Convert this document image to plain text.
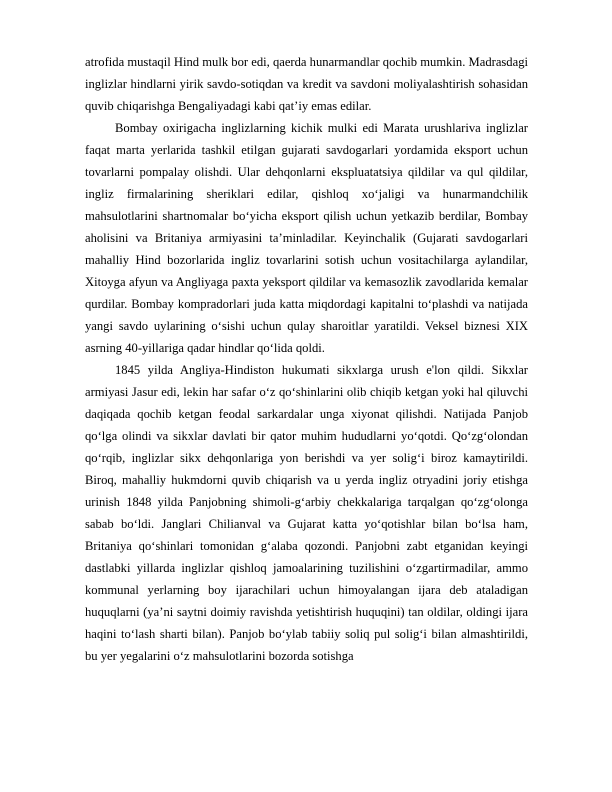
atrofida mustaqil Hind mulk bor edi, qaerda hunarmandlar qochib mumkin. Madrasdagi inglizlar hindlarni yirik savdo-sotiqdan va kredit va savdoni moliyalashtirish sohasidan quvib chiqarishga Bengaliyadagi kabi qat’iy emas edilar.

Bombay oxirigacha inglizlarning kichik mulki edi Marata urushlariva inglizlar faqat marta yerlarida tashkil etilgan gujarati savdogarlari yordamida eksport uchun tovarlarni pompalay olishdi. Ular dehqonlarni ekspluatatsiya qildilar va qul qildilar, ingliz firmalarining sheriklari edilar, qishloq xo‘jaligi va hunarmandchilik mahsulotlarini shartnomalar bo‘yicha eksport qilish uchun yetkazib berdilar, Bombay aholisini va Britaniya armiyasini ta’minladilar. Keyinchalik (Gujarati savdogarlari mahalliy Hind bozorlarida ingliz tovarlarini sotish uchun vositachilarga aylandilar, Xitoyga afyun va Angliyaga paxta yeksport qildilar va kemasozlik zavodlarida kemalar qurdilar. Bombay kompradorlari juda katta miqdordagi kapitalni to‘plashdi va natijada yangi savdo uylarining o‘sishi uchun qulay sharoitlar yaratildi. Veksel biznesi XIX asrning 40-yillariga qadar hindlar qo‘lida qoldi.

1845 yilda Angliya-Hindiston hukumati sikxlarga urush e'lon qildi. Sikxlar armiyasi Jasur edi, lekin har safar o‘z qo‘shinlarini olib chiqib ketgan yoki hal qiluvchi daqiqada qochib ketgan feodal sarkardalar unga xiyonat qilishdi. Natijada Panjob qo‘lga olindi va sikxlar davlati bir qator muhim hududlarni yo‘qotdi. Qo‘zg‘olondan qo‘rqib, inglizlar sikx dehqonlariga yon berishdi va yer solig‘i biroz kamaytirildi. Biroq, mahalliy hukmdorni quvib chiqarish va u yerda ingliz otryadini joriy etishga urinish 1848 yilda Panjobning shimoli-g‘arbiy chekkalariga tarqalgan qo‘zg‘olonga sabab bo‘ldi. Janglari Chilianval va Gujarat katta yo‘qotishlar bilan bo‘lsa ham, Britaniya qo‘shinlari tomonidan g‘alaba qozondi. Panjobni zabt etganidan keyingi dastlabki yillarda inglizlar qishloq jamoalarining tuzilishini o‘zgartirmadilar, ammo kommunal yerlarning boy ijarachilari uchun himoyalangan ijara deb ataladigan huquqlarni (ya’ni saytni doimiy ravishda yetishtirish huquqini) tan oldilar, oldingi ijara haqini to‘lash sharti bilan). Panjob bo‘ylab tabiiy soliq pul solig‘i bilan almashtirildi, bu yer yegalarini o‘z mahsulotlarini bozorda sotishga
